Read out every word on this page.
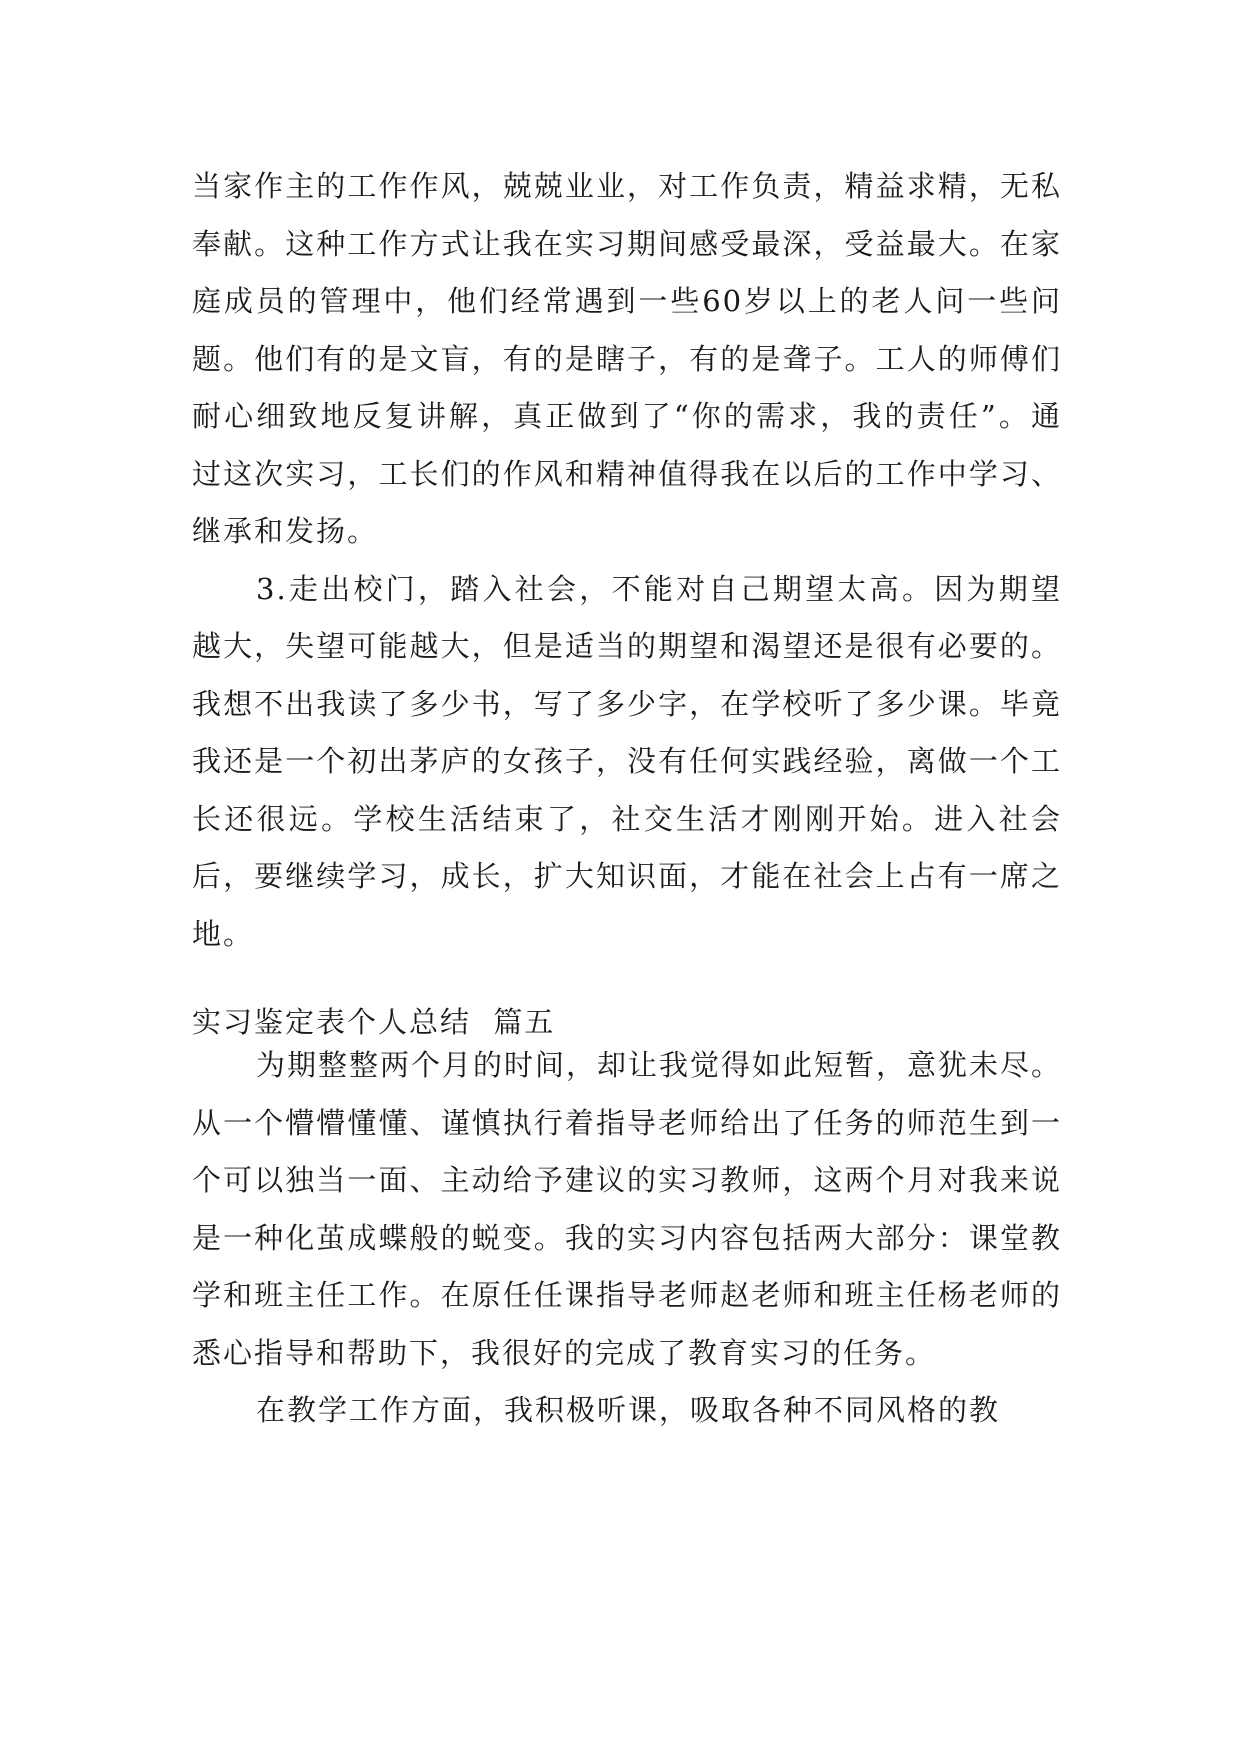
当家作主的工作作风，兢兢业业，对工作负责，精益求精，无私奉献。这种工作方式让我在实习期间感受最深，受益最大。在家庭成员的管理中，他们经常遇到一些60岁以上的老人问一些问题。他们有的是文盲，有的是瞎子，有的是聋子。工人的师傅们耐心细致地反复讲解，真正做到了“你的需求，我的责任”。通过这次实习，工长们的作风和精神值得我在以后的工作中学习、继承和发扬。

3.走出校门，踏入社会，不能对自己期望太高。因为期望越大，失望可能越大，但是适当的期望和渴望还是很有必要的。我想不出我读了多少书，写了多少字，在学校听了多少课。毕竟我还是一个初出茅庐的女孩子，没有任何实践经验，离做一个工长还很远。学校生活结束了，社交生活才刚刚开始。进入社会后，要继续学习，成长，扩大知识面，才能在社会上占有一席之地。

实习鉴定表个人总结  篇五

为期整整两个月的时间，却让我觉得如此短暂，意犹未尽。从一个懵懵懂懂、谨慎执行着指导老师给出了任务的师范生到一个可以独当一面、主动给予建议的实习教师，这两个月对我来说是一种化茧成蝶般的蜕变。我的实习内容包括两大部分：课堂教学和班主任工作。在原任任课指导老师赵老师和班主任杨老师的悉心指导和帮助下，我很好的完成了教育实习的任务。

在教学工作方面，我积极听课，吸取各种不同风格的教
